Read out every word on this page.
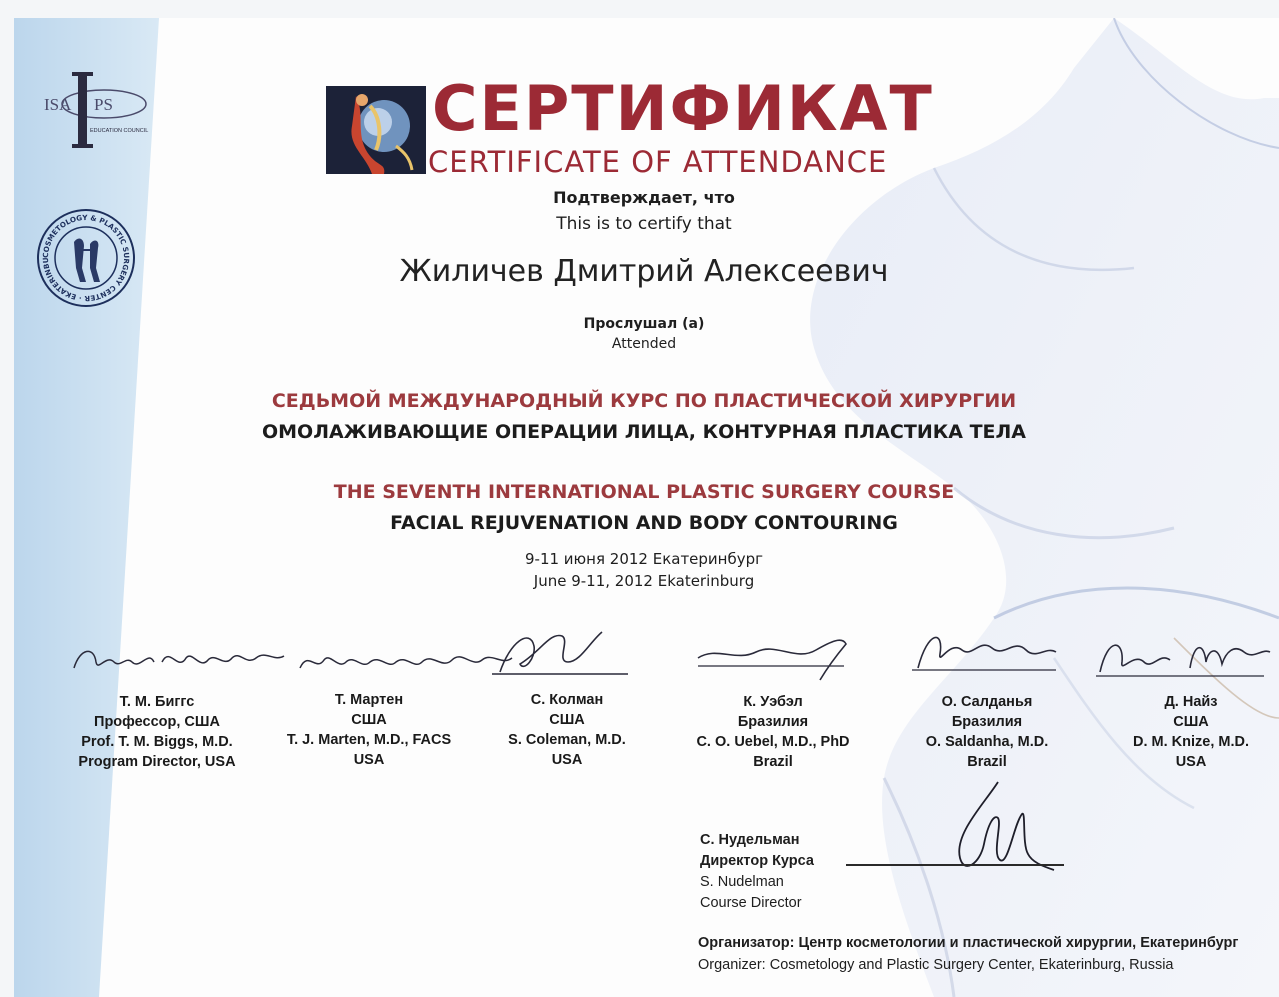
ISA PS
EDUCATION COUNCIL
COSMETOLOGY & PLASTIC SURGERY CENTER · EKATERINBU
СЕРТИФИКАТ
CERTIFICATE OF ATTENDANCE
Подтверждает, что
This is to certify that
Жиличев Дмитрий Алексеевич
Прослушал (а)
Attended
СЕДЬМОЙ МЕЖДУНАРОДНЫЙ КУРС ПО ПЛАСТИЧЕСКОЙ ХИРУРГИИ
ОМОЛАЖИВАЮЩИЕ ОПЕРАЦИИ ЛИЦА, КОНТУРНАЯ ПЛАСТИКА ТЕЛА
THE SEVENTH INTERNATIONAL PLASTIC SURGERY COURSE
FACIAL REJUVENATION AND BODY CONTOURING
9-11 июня 2012 Екатеринбург
June 9-11, 2012 Ekaterinburg
Т. М. Биггс
Профессор, США
Prof. T. M. Biggs, M.D.
Program Director, USA
Т. Мартен
США
T. J. Marten, M.D., FACS
USA
С. Колман
США
S. Coleman, M.D.
USA
К. Уэбэл
Бразилия
C. O. Uebel, M.D., PhD
Brazil
О. Салданья
Бразилия
O. Saldanha, M.D.
Brazil
Д. Найз
США
D. M. Knize, M.D.
USA
С. Нудельман
Директор Курса
S. Nudelman
Course Director
Организатор: Центр косметологии и пластической хирургии, Екатеринбург
Organizer: Cosmetology and Plastic Surgery Center, Ekaterinburg, Russia
